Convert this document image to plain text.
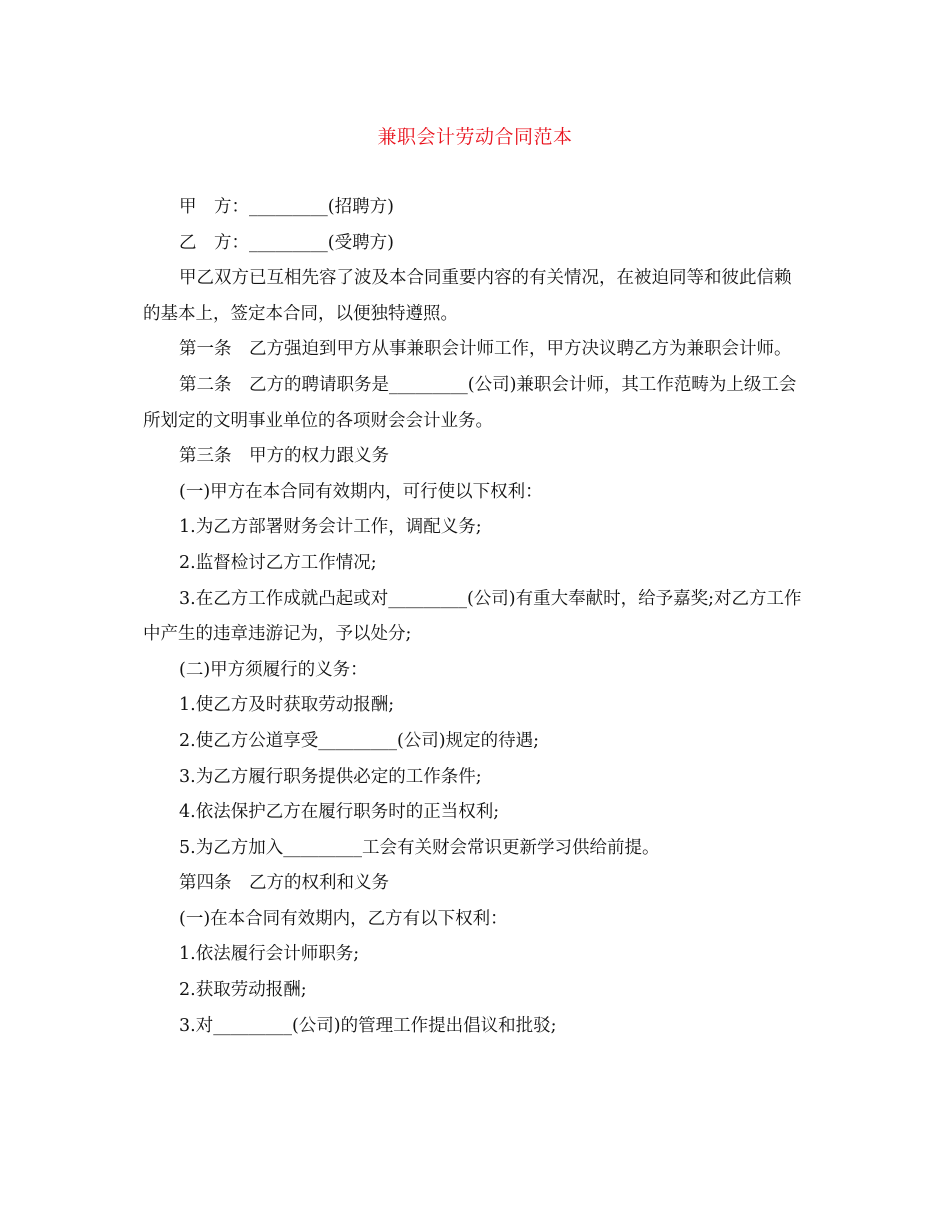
兼职会计劳动合同范本

甲　方：_________(招聘方)

乙　方：_________(受聘方)

甲乙双方已互相先容了波及本合同重要内容的有关情况，在被迫同等和彼此信赖的基本上，签定本合同，以便独特遵照。

第一条　乙方强迫到甲方从事兼职会计师工作，甲方决议聘乙方为兼职会计师。

第二条　乙方的聘请职务是_________(公司)兼职会计师，其工作范畴为上级工会所划定的文明事业单位的各项财会会计业务。

第三条　甲方的权力跟义务

(一)甲方在本合同有效期内，可行使以下权利：

1.为乙方部署财务会计工作，调配义务;

2.监督检讨乙方工作情况;

3.在乙方工作成就凸起或对_________(公司)有重大奉献时，给予嘉奖;对乙方工作中产生的违章违游记为，予以处分;

(二)甲方须履行的义务：

1.使乙方及时获取劳动报酬;

2.使乙方公道享受_________(公司)规定的待遇;

3.为乙方履行职务提供必定的工作条件;

4.依法保护乙方在履行职务时的正当权利;

5.为乙方加入_________工会有关财会常识更新学习供给前提。

第四条　乙方的权利和义务

(一)在本合同有效期内，乙方有以下权利：

1.依法履行会计师职务;

2.获取劳动报酬;

3.对_________(公司)的管理工作提出倡议和批驳;
